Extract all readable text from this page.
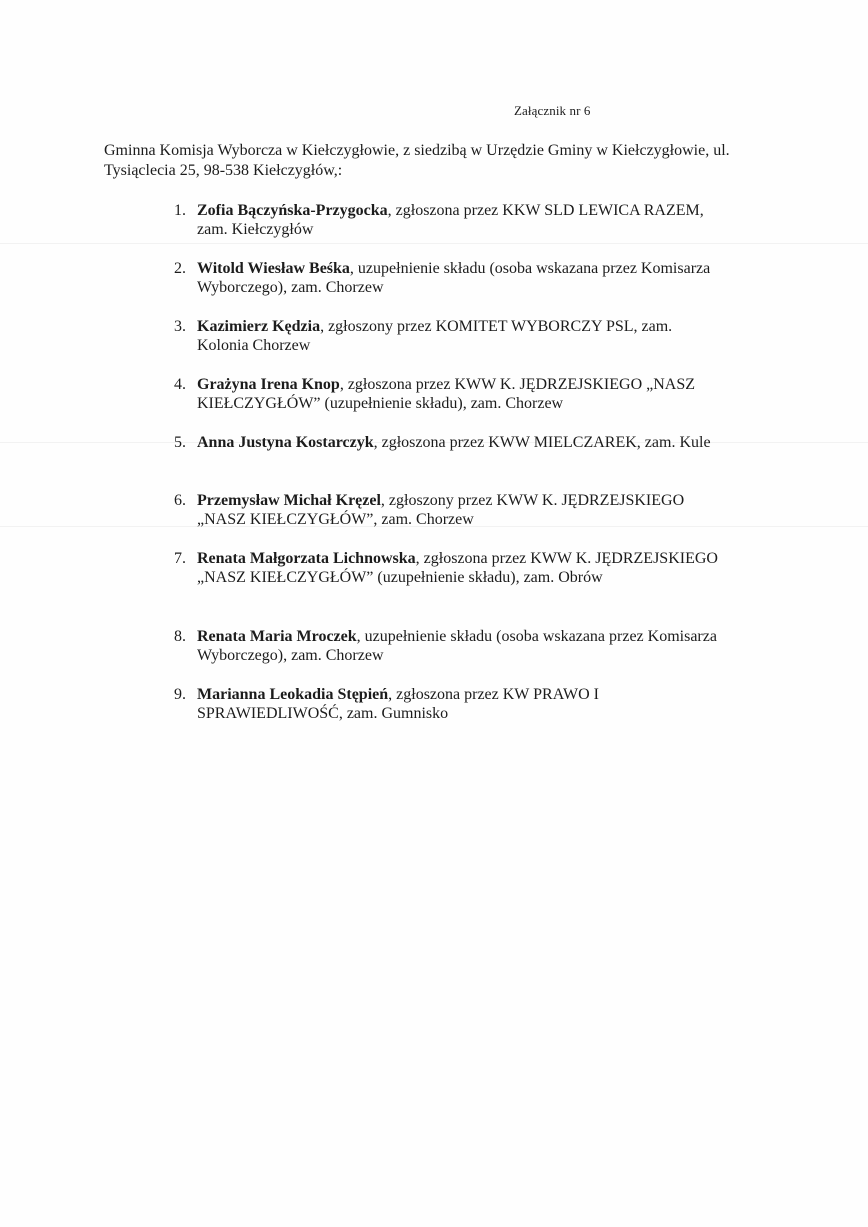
Załącznik nr 6
Gminna Komisja Wyborcza w Kiełczygłowie, z siedzibą w Urzędzie Gminy w Kiełczygłowie, ul. Tysiąclecia 25, 98-538 Kiełczygłów,:
1. Zofia Bączyńska-Przygocka, zgłoszona przez KKW SLD LEWICA RAZEM, zam. Kiełczygłów
2. Witold Wiesław Beśka, uzupełnienie składu (osoba wskazana przez Komisarza Wyborczego), zam. Chorzew
3. Kazimierz Kędzia, zgłoszony przez KOMITET WYBORCZY PSL, zam. Kolonia Chorzew
4. Grażyna Irena Knop, zgłoszona przez KWW K. JĘDRZEJSKIEGO „NASZ KIEŁCZYGŁÓW” (uzupełnienie składu), zam. Chorzew
5. Anna Justyna Kostarczyk, zgłoszona przez KWW MIELCZAREK, zam. Kule
6. Przemysław Michał Kręzel, zgłoszony przez KWW K. JĘDRZEJSKIEGO „NASZ KIEŁCZYGŁÓW”, zam. Chorzew
7. Renata Małgorzata Lichnowska, zgłoszona przez KWW K. JĘDRZEJSKIEGO „NASZ KIEŁCZYGŁÓW” (uzupełnienie składu), zam. Obrów
8. Renata Maria Mroczek, uzupełnienie składu (osoba wskazana przez Komisarza Wyborczego), zam. Chorzew
9. Marianna Leokadia Stępień, zgłoszona przez KW PRAWO I SPRAWIEDLIWOŚĆ, zam. Gumnisko
